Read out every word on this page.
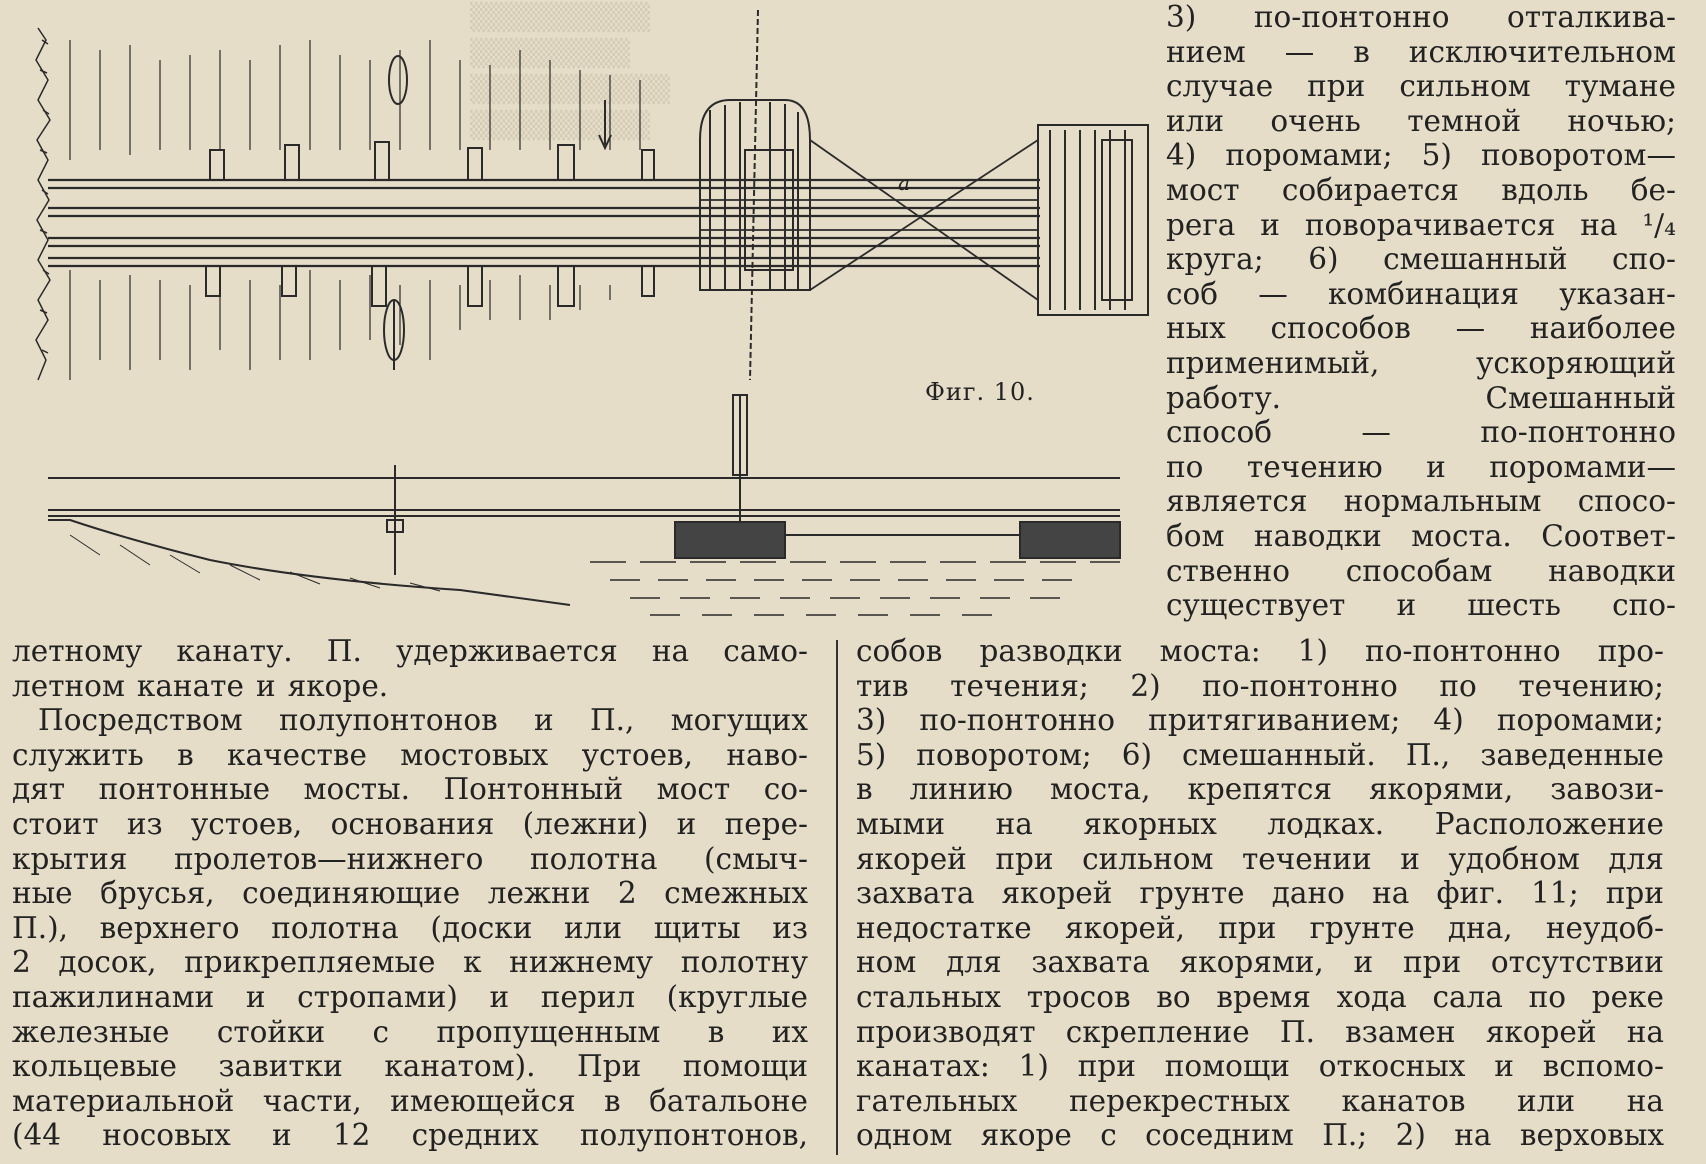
▒▒▒▒▒▒▒▒▒
▒▒▒▒▒▒▒▒
▒▒▒▒▒▒▒▒▒▒
▒▒▒▒▒▒▒▒▒
a
Фиг. 10.
3) по-понтонно отталкива-
нием — в исключительном
случае при сильном тумане
или очень темной ночью;
4) поромами; 5) поворотом—
мост собирается вдоль бе-
рега и поворачивается на ¹/₄
круга; 6) смешанный спо-
соб — комбинация указан-
ных способов — наиболее
применимый,	ускоряющий
работу.	Смешанный
способ	—	по-понтонно
по течению и поромами—
является нормальным спосо-
бом наводки моста. Соответ-
ственно способам наводки
существует и шесть спо-
летному канату. П. удерживается на само-
летном канате и якоре.
Посредством полупонтонов и П., могущих
служить в качестве мостовых устоев, наво-
дят понтонные мосты. Понтонный мост со-
стоит из устоев, основания (лежни) и пере-
крытия пролетов—нижнего полотна (смыч-
ные брусья, соединяющие лежни 2 смежных
П.), верхнего полотна (доски или щиты из
2 досок, прикрепляемые к нижнему полотну
пажилинами и стропами) и перил (круглые
железные стойки с пропущенным в их
кольцевые завитки канатом). При помощи
материальной части, имеющейся в батальоне
(44 носовых и 12 средних полупонтонов,
собов разводки моста: 1) по-понтонно про-
тив течения; 2) по-понтонно по течению;
3) по-понтонно притягиванием; 4) поромами;
5) поворотом; 6) смешанный. П., заведенные
в линию моста, крепятся якорями, завози-
мыми на якорных лодках. Расположение
якорей при сильном течении и удобном для
захвата якорей грунте дано на фиг. 11; при
недостатке якорей, при грунте дна, неудоб-
ном для захвата якорями, и при отсутствии
стальных тросов во время хода сала по реке
производят скрепление П. взамен якорей на
канатах: 1) при помощи откосных и вспомо-
гательных перекрестных канатов или на
одном якоре с соседним П.; 2) на верховых
